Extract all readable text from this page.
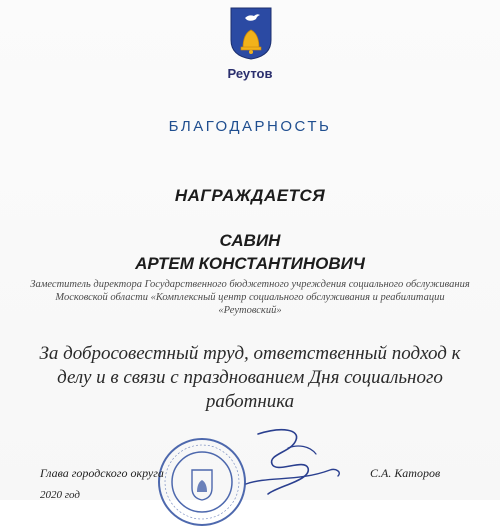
Реутов
БЛАГОДАРНОСТЬ
НАГРАЖДАЕТСЯ
САВИН
АРТЕМ КОНСТАНТИНОВИЧ
Заместитель директора Государственного бюджетного учреждения социального обслуживания
Московской области «Комплексный центр социального обслуживания и реабилитации
«Реутовский»
За добросовестный труд, ответственный подход к
делу и в связи с празднованием Дня социального
работника
Глава городского округа	С.А. Каторов
2020 год
